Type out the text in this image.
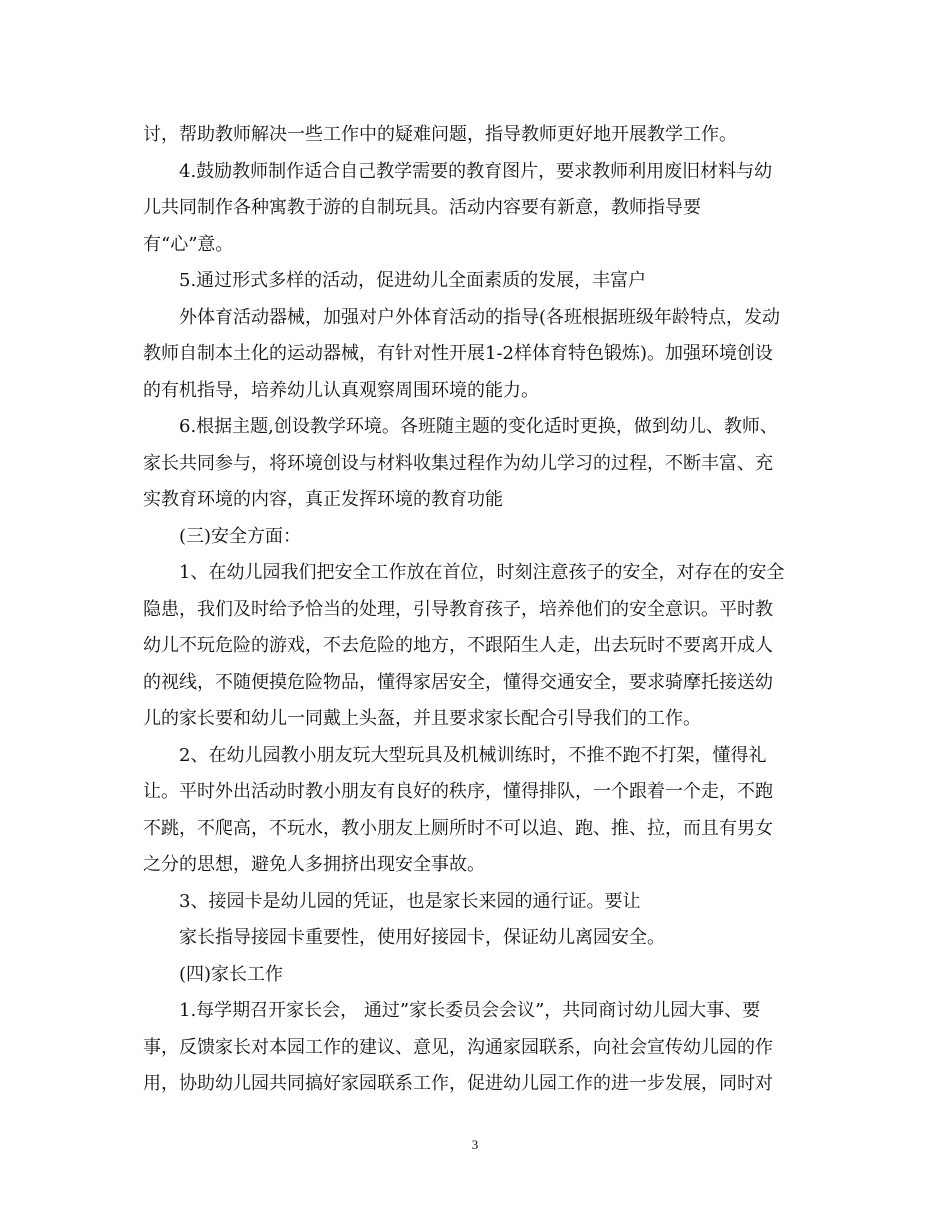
讨，帮助教师解决一些工作中的疑难问题，指导教师更好地开展教学工作。
4.鼓励教师制作适合自己教学需要的教育图片，要求教师利用废旧材料与幼
儿共同制作各种寓教于游的自制玩具。活动内容要有新意，教师指导要
有“心”意。
5.通过形式多样的活动，促进幼儿全面素质的发展，丰富户
外体育活动器械，加强对户外体育活动的指导(各班根据班级年龄特点，发动
教师自制本土化的运动器械，有针对性开展1-2样体育特色锻炼)。加强环境创设
的有机指导，培养幼儿认真观察周围环境的能力。
6.根据主题,创设教学环境。各班随主题的变化适时更换，做到幼儿、教师、
家长共同参与，将环境创设与材料收集过程作为幼儿学习的过程，不断丰富、充
实教育环境的内容，真正发挥环境的教育功能
(三)安全方面：
1、在幼儿园我们把安全工作放在首位，时刻注意孩子的安全，对存在的安全
隐患，我们及时给予恰当的处理，引导教育孩子，培养他们的安全意识。平时教
幼儿不玩危险的游戏，不去危险的地方，不跟陌生人走，出去玩时不要离开成人
的视线，不随便摸危险物品，懂得家居安全，懂得交通安全，要求骑摩托接送幼
儿的家长要和幼儿一同戴上头盔，并且要求家长配合引导我们的工作。
2、在幼儿园教小朋友玩大型玩具及机械训练时，不推不跑不打架，懂得礼
让。平时外出活动时教小朋友有良好的秩序，懂得排队，一个跟着一个走，不跑
不跳，不爬高，不玩水，教小朋友上厕所时不可以追、跑、推、拉，而且有男女
之分的思想，避免人多拥挤出现安全事故。
3、接园卡是幼儿园的凭证，也是家长来园的通行证。要让
家长指导接园卡重要性，使用好接园卡，保证幼儿离园安全。
(四)家长工作
1.每学期召开家长会， 通过”家长委员会会议”，共同商讨幼儿园大事、要
事，反馈家长对本园工作的建议、意见，沟通家园联系，向社会宣传幼儿园的作
用，协助幼儿园共同搞好家园联系工作，促进幼儿园工作的进一步发展，同时对
3
